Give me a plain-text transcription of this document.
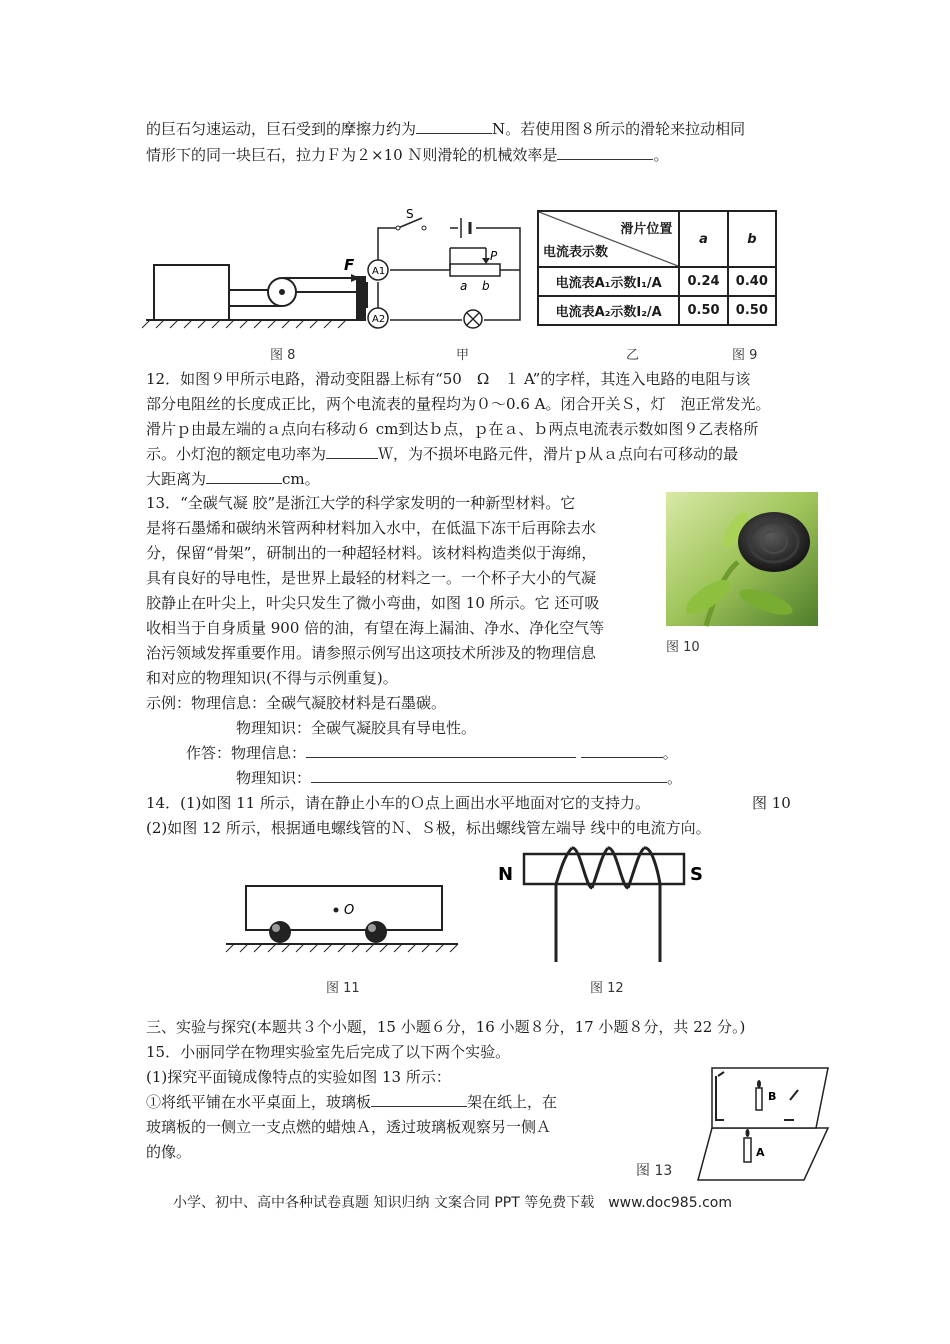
的巨石匀速运动，巨石受到的摩擦力约为	N。若使用图８所示的滑轮来拉动相同
情形下的同一块巨石，拉力Ｆ为２×10 Ｎ则滑轮的机械效率是	。
F
图 8
S
A1
A2
P
a b
甲
滑片位置
电流表示数	a	b
电流表A₁示数I₁/A	0.24	0.40
电流表A₂示数I₂/A	0.50	0.50
乙	图 9
12．如图９甲所示电路，滑动变阻器上标有“50　Ω　１ A”的字样，其连入电路的电阻与该
部分电阻丝的长度成正比，两个电流表的量程均为０～0.6 A。闭合开关Ｓ，灯　泡正常发光。
滑片ｐ由最左端的ａ点向右移动６ cm到达ｂ点，ｐ在ａ、ｂ两点电流表示数如图９乙表格所
示。小灯泡的额定电功率为	Ｗ，为不损坏电路元件，滑片ｐ从ａ点向右可移动的最
大距离为	cm。
13．“全碳气凝 胶”是浙江大学的科学家发明的一种新型材料。它
是将石墨烯和碳纳米管两种材料加入水中，在低温下冻干后再除去水
分，保留“骨架”，研制出的一种超轻材料。该材料构造类似于海绵，
具有良好的导电性，是世界上最轻的材料之一。一个杯子大小的气凝
胶静止在叶尖上，叶尖只发生了微小弯曲，如图 10 所示。它 还可吸
收相当于自身质量 900 倍的油，有望在海上漏油、净水、净化空气等
治污领域发挥重要作用。请参照示例写出这项技术所涉及的物理信息
和对应的物理知识(不得与示例重复)。
图 10
示例：物理信息：全碳气凝胶材料是石墨碳。
物理知识：全碳气凝胶具有导电性。
作答：物理信息：	。
物理知识：	。
14．(1)如图 11 所示，请在静止小车的Ｏ点上画出水平地面对它的支持力。	图 10
(2)如图 12 所示，根据通电螺线管的Ｎ、Ｓ极，标出螺线管左端导 线中的电流方向。
O
图 11
N	S
图 12
三、实验与探究(本题共３个小题，15 小题６分，16 小题８分，17 小题８分，共 22 分。)
15．小丽同学在物理实验室先后完成了以下两个实验。
(1)探究平面镜成像特点的实验如图 13 所示：
①将纸平铺在水平桌面上，玻璃板	架在纸上，在
玻璃板的一侧立一支点燃的蜡烛Ａ，透过玻璃板观察另一侧Ａ
的像。
B
A
图 13
小学、初中、高中各种试卷真题 知识归纳 文案合同 PPT 等免费下载　www.doc985.com
